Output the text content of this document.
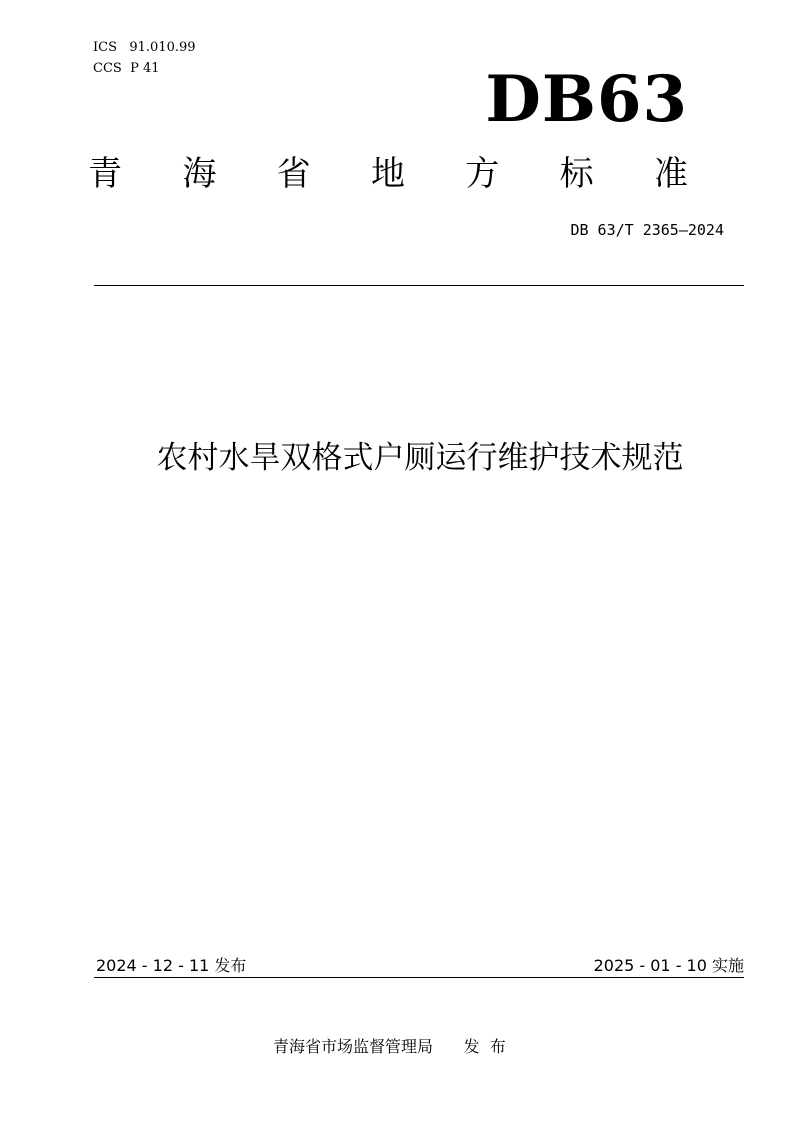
ICS   91.010.99
CCS  P 41	DB63
青 海 省 地 方 标 准
DB 63/T 2365—2024
农村水旱双格式户厕运行维护技术规范
2024 - 12 - 11 发布	2025 - 01 - 10 实施
青海省市场监督管理局      发  布
